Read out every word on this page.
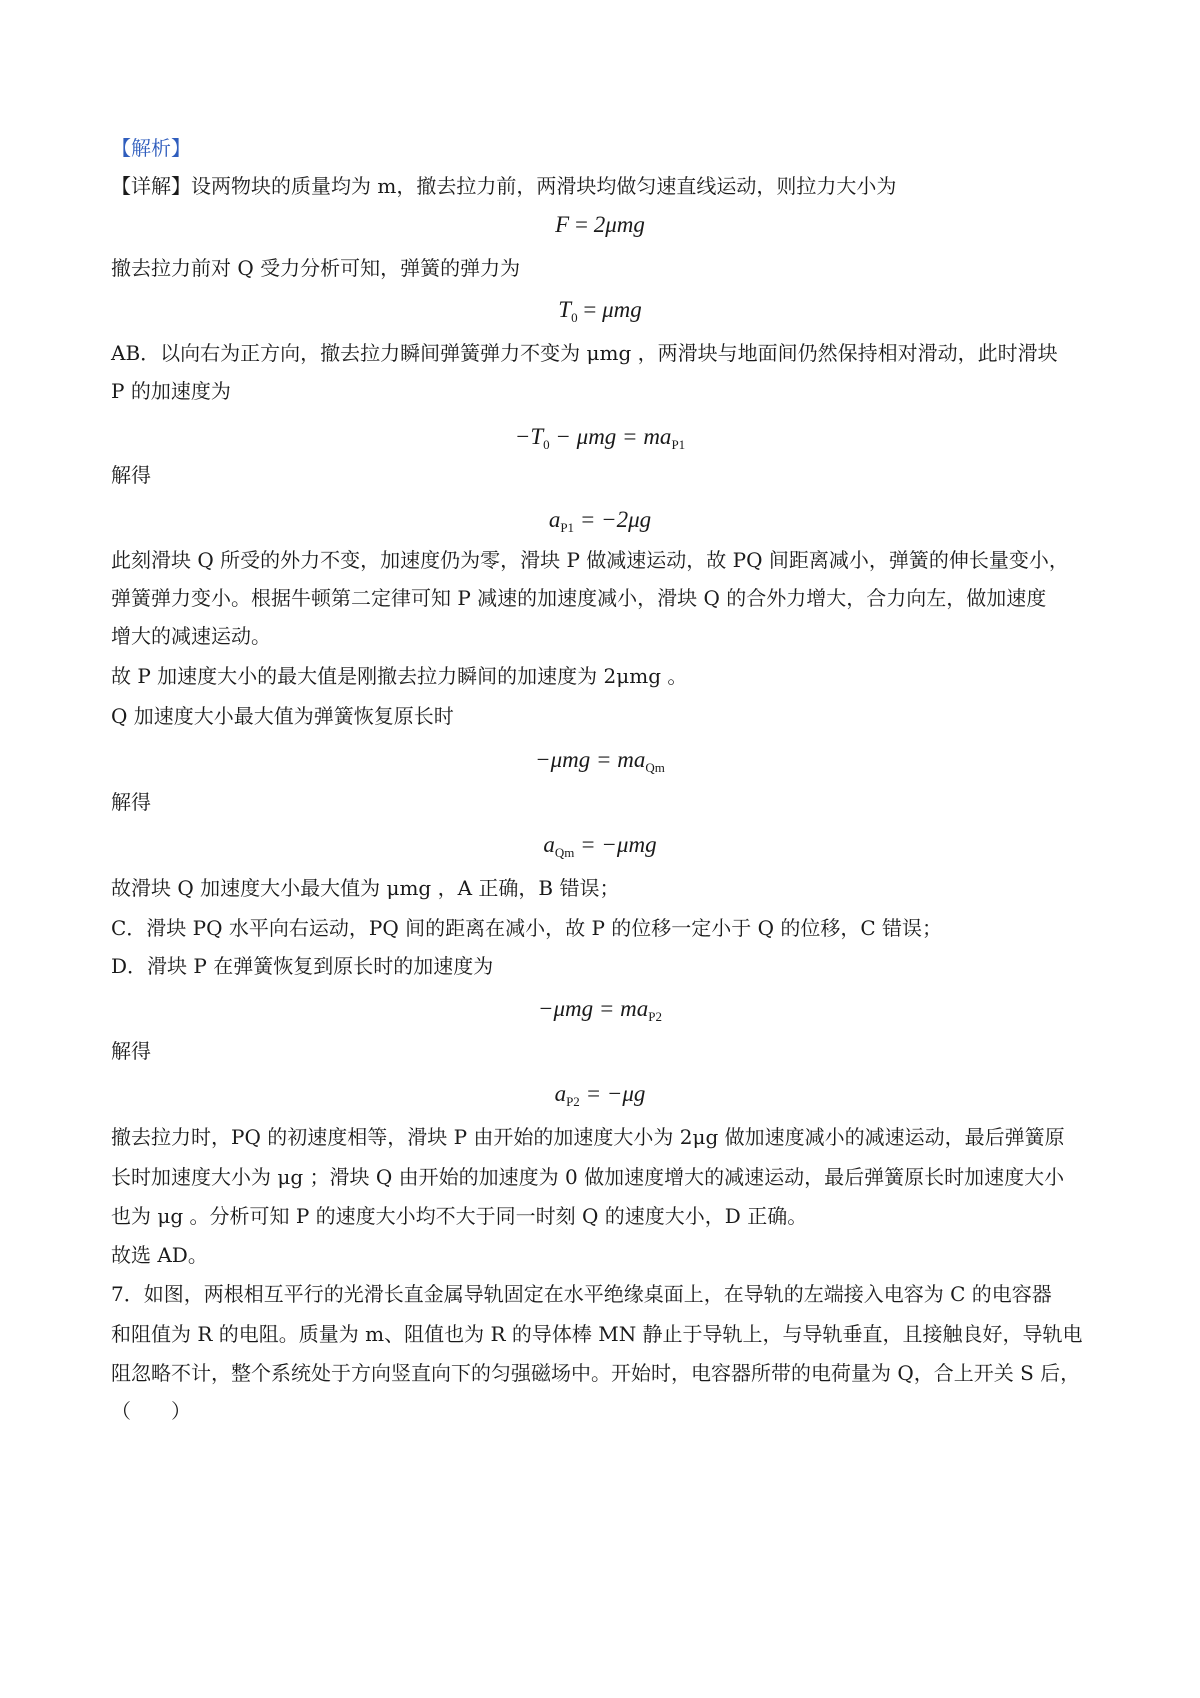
【解析】
【详解】设两物块的质量均为 m，撤去拉力前，两滑块均做匀速直线运动，则拉力大小为
F = 2μmg
撤去拉力前对 Q 受力分析可知，弹簧的弹力为
$T_0 = \mu mg$
AB．以向右为正方向，撤去拉力瞬间弹簧弹力不变为 μmg ，两滑块与地面间仍然保持相对滑动，此时滑块
P 的加速度为
$-T_0 - \mu mg = ma_{P1}$
解得
$a_{P1} = -2\mu g$
此刻滑块 Q 所受的外力不变，加速度仍为零，滑块 P 做减速运动，故 PQ 间距离减小，弹簧的伸长量变小，
弹簧弹力变小。根据牛顿第二定律可知 P 减速的加速度减小，滑块 Q 的合外力增大，合力向左，做加速度
增大的减速运动。
故 P 加速度大小的最大值是刚撤去拉力瞬间的加速度为 2μmg 。
Q 加速度大小最大值为弹簧恢复原长时
$-\mu mg = ma_{Qm}$
解得
$a_{Qm} = -\mu mg$
故滑块 Q 加速度大小最大值为 μmg ，A 正确，B 错误；
C．滑块 PQ 水平向右运动，PQ 间的距离在减小，故 P 的位移一定小于 Q 的位移，C 错误；
D．滑块 P 在弹簧恢复到原长时的加速度为
$-\mu mg = ma_{P2}$
解得
$a_{P2} = -\mu g$
撤去拉力时，PQ 的初速度相等，滑块 P 由开始的加速度大小为 2μg 做加速度减小的减速运动，最后弹簧原
长时加速度大小为 μg ；滑块 Q 由开始的加速度为 0 做加速度增大的减速运动，最后弹簧原长时加速度大小
也为 μg 。分析可知 P 的速度大小均不大于同一时刻 Q 的速度大小，D 正确。
故选 AD。
7．如图，两根相互平行的光滑长直金属导轨固定在水平绝缘桌面上，在导轨的左端接入电容为 C 的电容器
和阻值为 R 的电阻。质量为 m、阻值也为 R 的导体棒 MN 静止于导轨上，与导轨垂直，且接触良好，导轨电
阻忽略不计，整个系统处于方向竖直向下的匀强磁场中。开始时，电容器所带的电荷量为 Q，合上开关 S 后，
（　　）
